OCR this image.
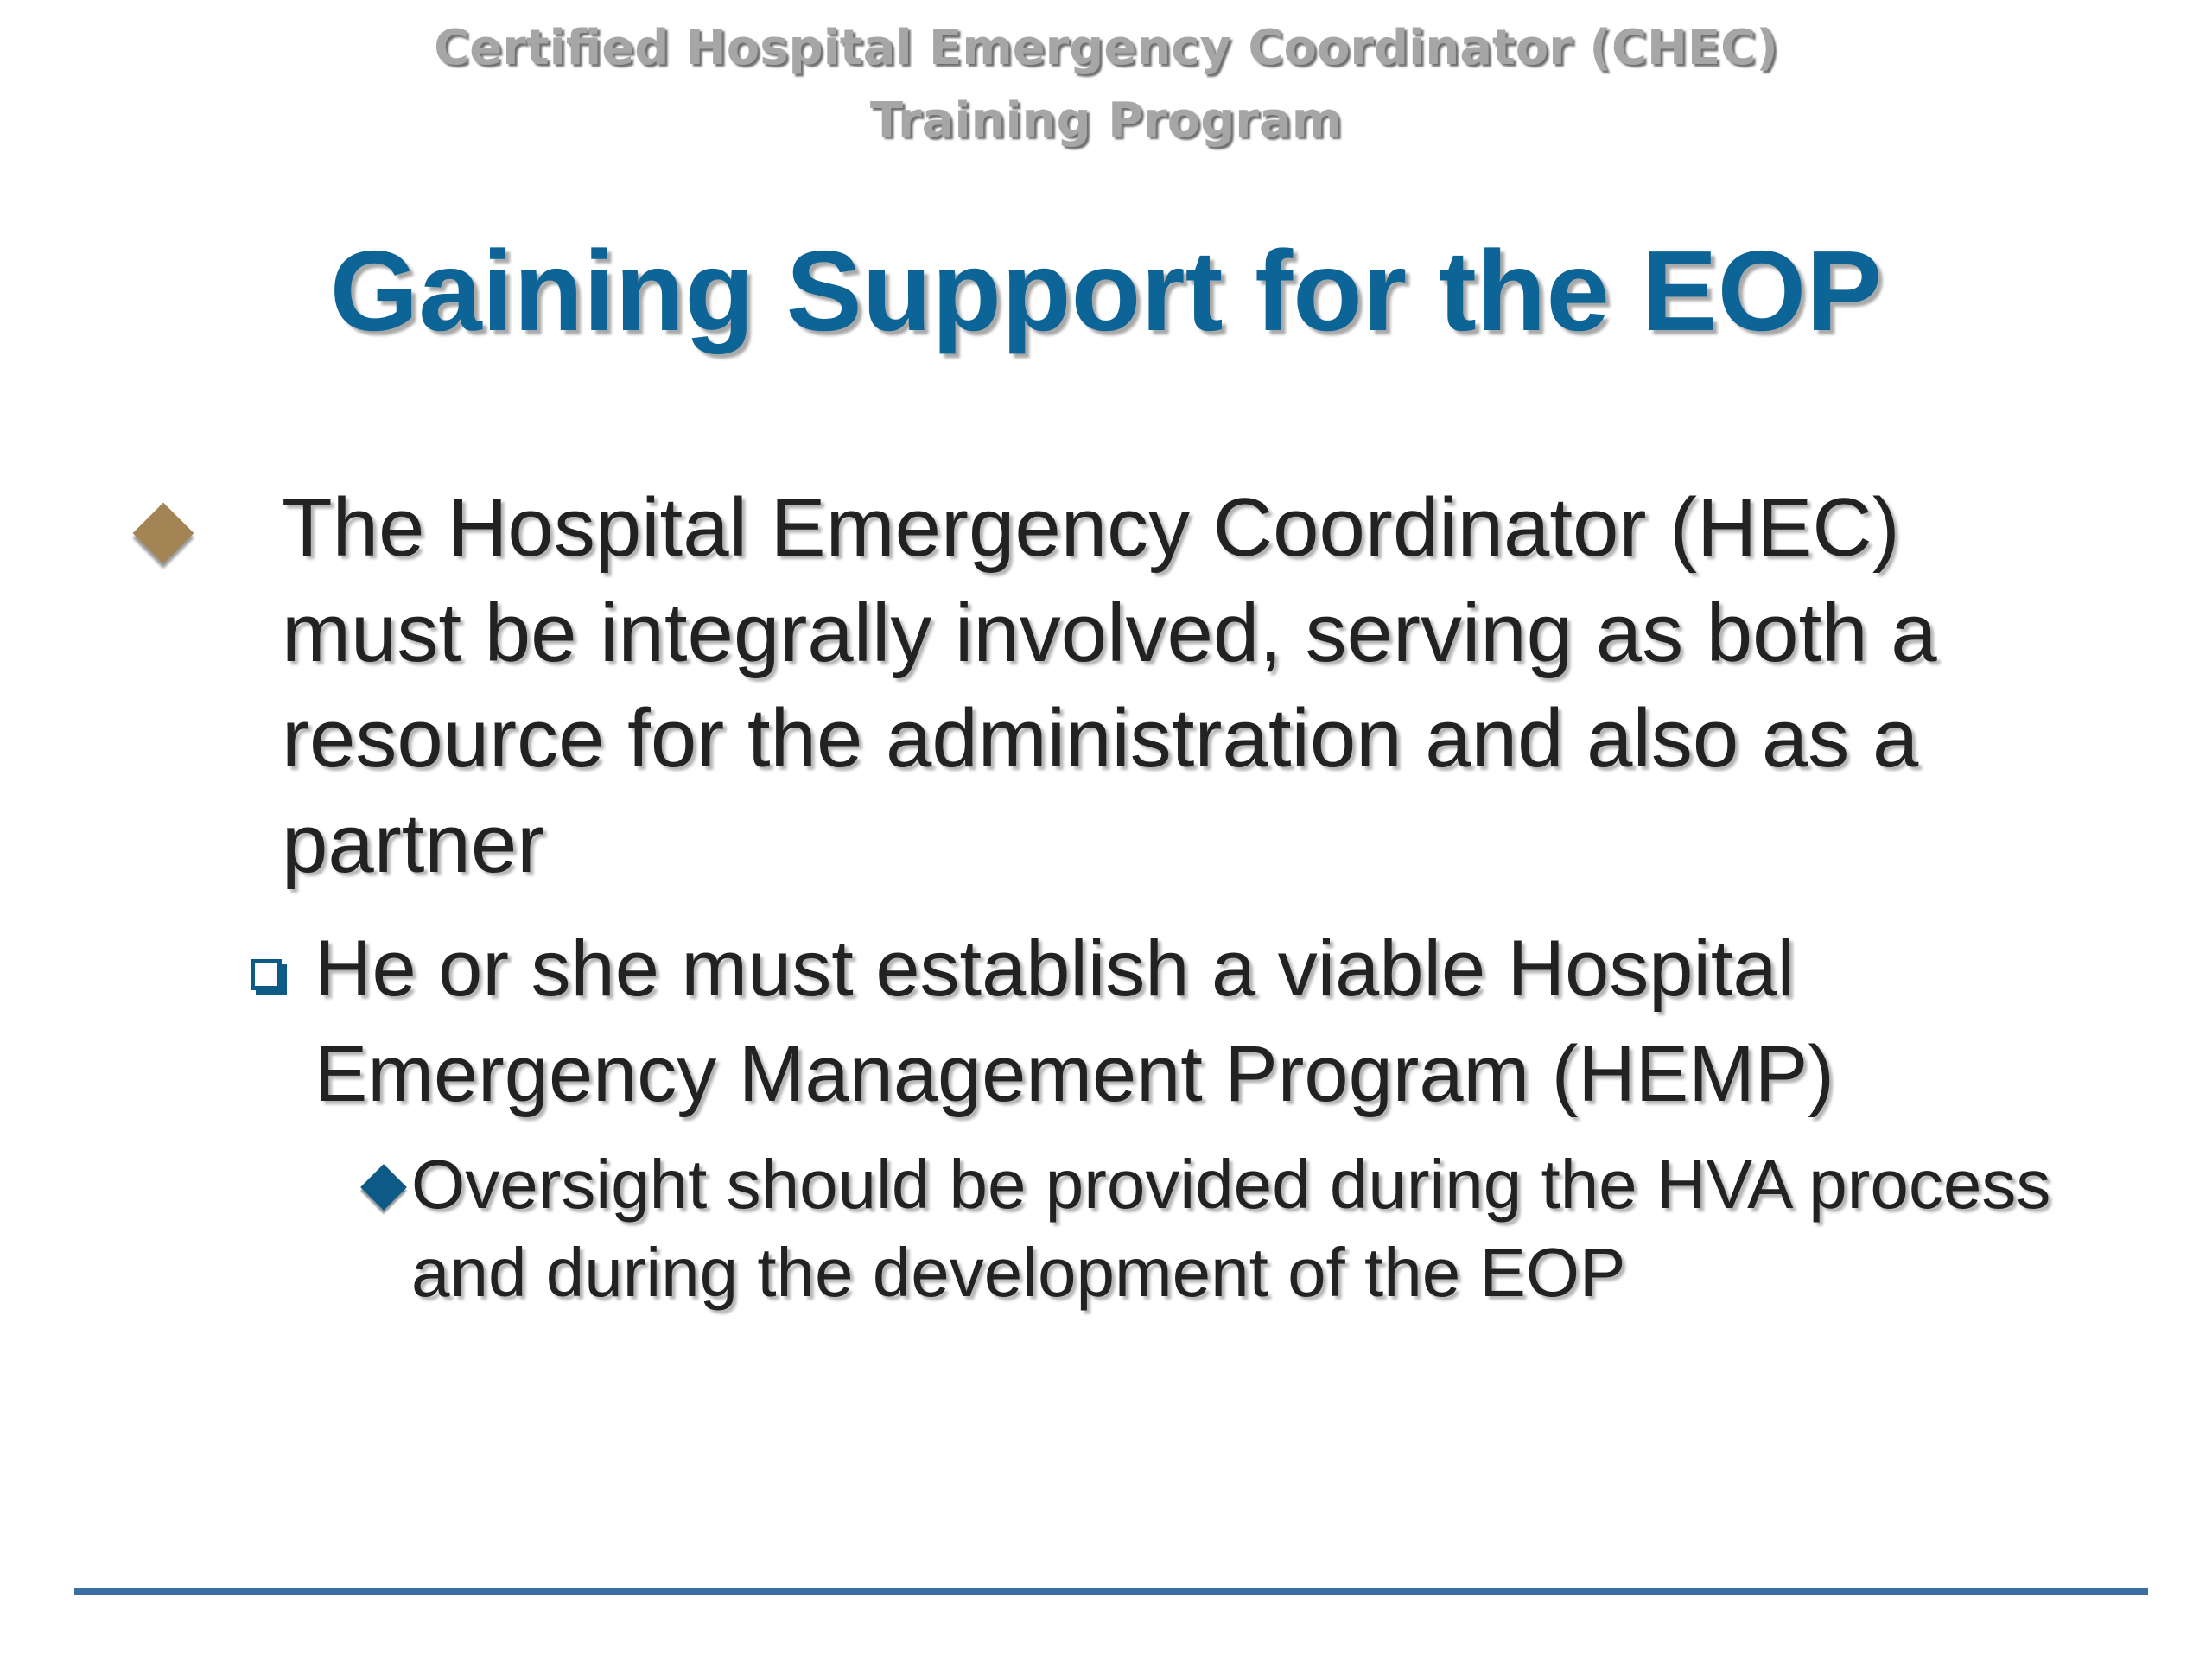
Certified Hospital Emergency Coordinator (CHEC)
Training Program
Gaining Support for the EOP
The Hospital Emergency Coordinator (HEC) must be integrally involved, serving as both a resource for the administration and also as a partner
He or she must establish a viable Hospital Emergency Management Program (HEMP)
Oversight should be provided during the HVA process and during the development of the EOP
